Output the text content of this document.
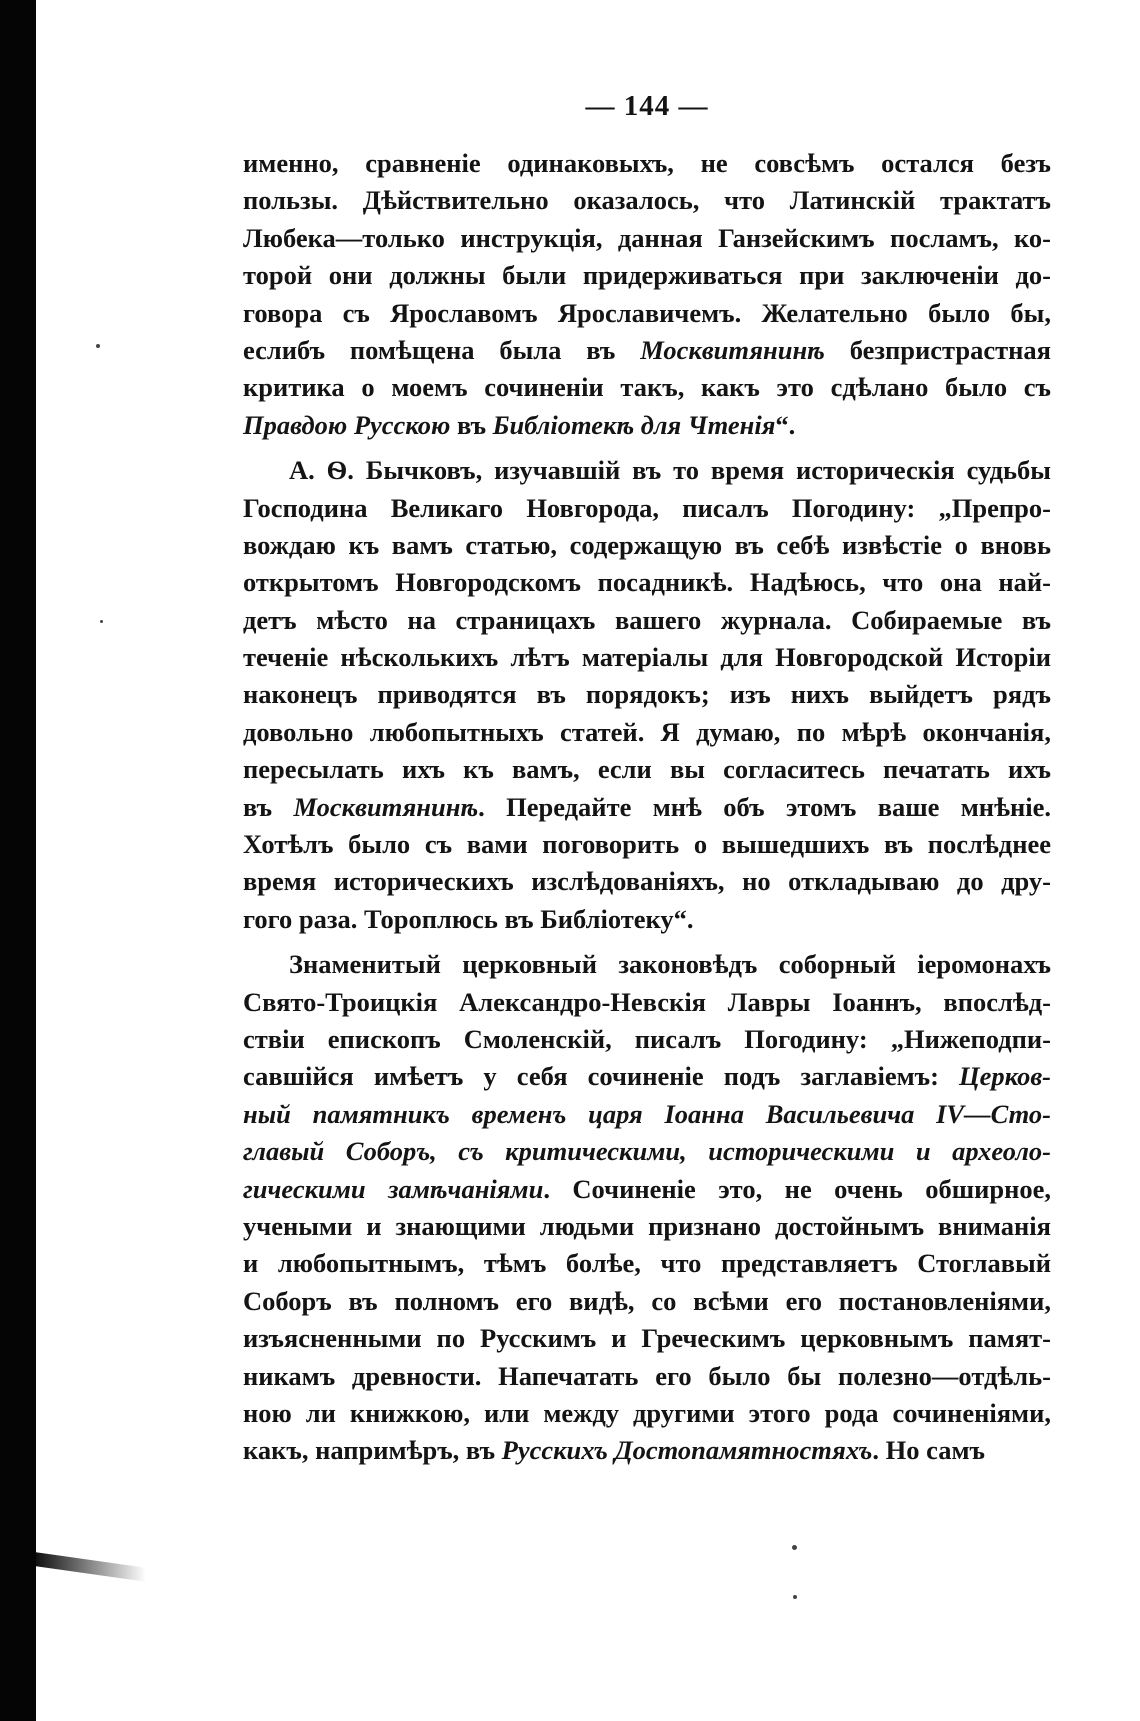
— 144 —
именно, сравненіе одинаковыхъ, не совсѣмъ остался безъ
пользы. Дѣйствительно оказалось, что Латинскій трактатъ
Любека—только инструкція, данная Ганзейскимъ посламъ, ко-
торой они должны были придерживаться при заключеніи до-
говора съ Ярославомъ Ярославичемъ. Желательно было бы,
еслибъ помѣщена была въ Москвитянинѣ безпристрастная
критика о моемъ сочиненіи такъ, какъ это сдѣлано было съ
Правдою Русскою въ Библіотекѣ для Чтенія“.
А. Ѳ. Бычковъ, изучавшій въ то время историческія судьбы
Господина Великаго Новгорода, писалъ Погодину: „Препро-
вождаю къ вамъ статью, содержащую въ себѣ извѣстіе о вновь
открытомъ Новгородскомъ посадникѣ. Надѣюсь, что она най-
детъ мѣсто на страницахъ вашего журнала. Собираемые въ
теченіе нѣсколькихъ лѣтъ матеріалы для Новгородской Исторіи
наконецъ приводятся въ порядокъ; изъ нихъ выйдетъ рядъ
довольно любопытныхъ статей. Я думаю, по мѣрѣ окончанія,
пересылать ихъ къ вамъ, если вы согласитесь печатать ихъ
въ Москвитянинѣ. Передайте мнѣ объ этомъ ваше мнѣніе.
Хотѣлъ было съ вами поговорить о вышедшихъ въ послѣднее
время историческихъ изслѣдованіяхъ, но откладываю до дру-
гого раза. Тороплюсь въ Библіотеку“.
Знаменитый церковный законовѣдъ соборный іеромонахъ
Свято-Троицкія Александро-Невскія Лавры Іоаннъ, впослѣд-
ствіи епископъ Смоленскій, писалъ Погодину: „Нижеподпи-
савшійся имѣетъ у себя сочиненіе подъ заглавіемъ: Церков-
ный памятникъ временъ царя Іоанна Васильевича IV—Сто-
главый Соборъ, съ критическими, историческими и археоло-
гическими замѣчаніями. Сочиненіе это, не очень обширное,
учеными и знающими людьми признано достойнымъ вниманія
и любопытнымъ, тѣмъ болѣе, что представляетъ Стоглавый
Соборъ въ полномъ его видѣ, со всѣми его постановленіями,
изъясненными по Русскимъ и Греческимъ церковнымъ памят-
никамъ древности. Напечатать его было бы полезно—отдѣль-
ною ли книжкою, или между другими этого рода сочиненіями,
какъ, напримѣръ, въ Русскихъ Достопамятностяхъ. Но самъ
